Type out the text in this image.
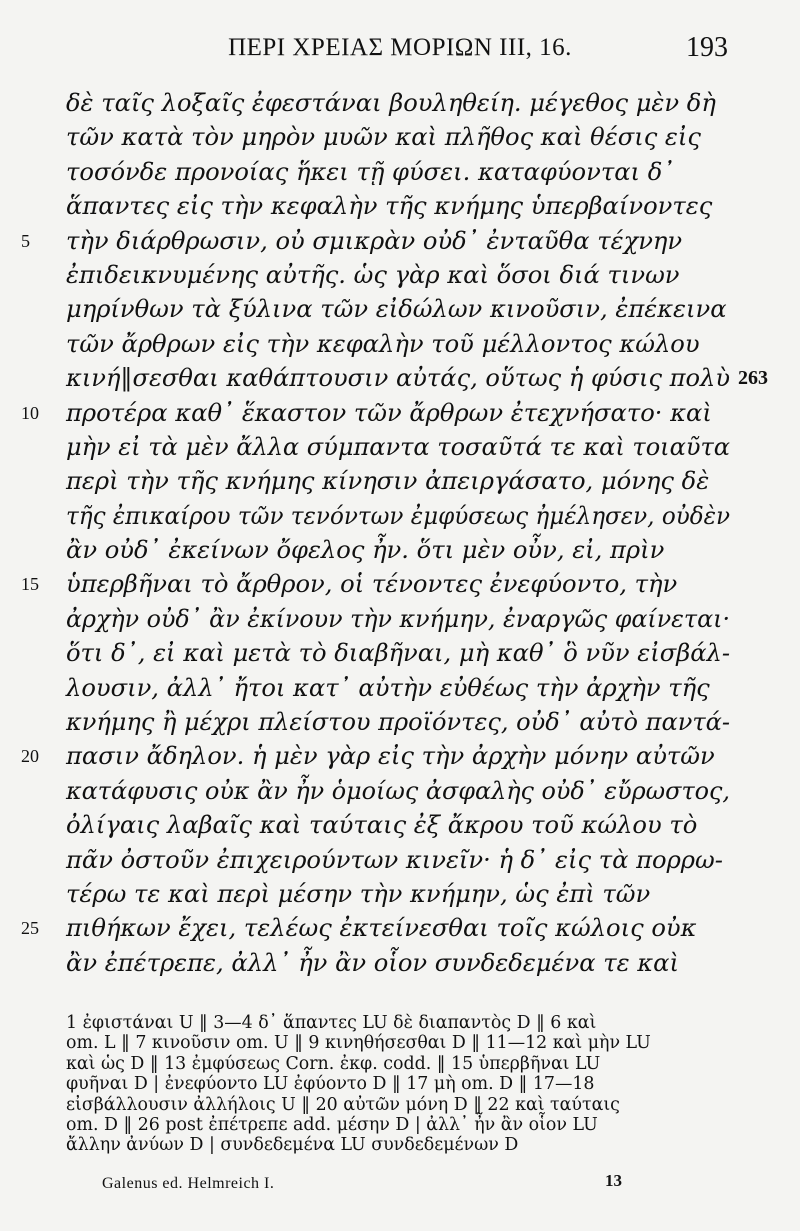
ΠΕΡΙ ΧΡΕΙΑΣ ΜΟΡΙΩΝ III, 16.	193
δὲ ταῖς λοξαῖς ἐφεστάναι βουληθείη. μέγεθος μὲν δὴ
τῶν κατὰ τὸν μηρὸν μυῶν καὶ πλῆθος καὶ θέσις εἰς
τοσόνδε προνοίας ἥκει τῇ φύσει. καταφύονται δ᾽
ἅπαντες εἰς τὴν κεφαλὴν τῆς κνήμης ὑπερβαίνοντες
5	τὴν διάρθρωσιν, οὐ σμικρὰν οὐδ᾽ ἐνταῦθα τέχνην
ἐπιδεικνυμένης αὐτῆς. ὡς γὰρ καὶ ὅσοι διά τινων
μηρίνθων τὰ ξύλινα τῶν εἰδώλων κινοῦσιν, ἐπέκεινα
τῶν ἄρθρων εἰς τὴν κεφαλὴν τοῦ μέλλοντος κώλου
κινή‖σεσθαι καθάπτουσιν αὐτάς, οὕτως ἡ φύσις πολὺ 263
10	προτέρα καθ᾽ ἕκαστον τῶν ἄρθρων ἐτεχνήσατο· καὶ
μὴν εἰ τὰ μὲν ἄλλα σύμπαντα τοσαῦτά τε καὶ τοιαῦτα
περὶ τὴν τῆς κνήμης κίνησιν ἀπειργάσατο, μόνης δὲ
τῆς ἐπικαίρου τῶν τενόντων ἐμφύσεως ἠμέλησεν, οὐδὲν
ἂν οὐδ᾽ ἐκείνων ὄφελος ἦν. ὅτι μὲν οὖν, εἰ, πρὶν
15	ὑπερβῆναι τὸ ἄρθρον, οἱ τένοντες ἐνεφύοντο, τὴν
ἀρχὴν οὐδ᾽ ἂν ἐκίνουν τὴν κνήμην, ἐναργῶς φαίνεται·
ὅτι δ᾽, εἰ καὶ μετὰ τὸ διαβῆναι, μὴ καθ᾽ ὃ νῦν εἰσβάλ-
λουσιν, ἀλλ᾽ ἤτοι κατ᾽ αὐτὴν εὐθέως τὴν ἀρχὴν τῆς
κνήμης ἢ μέχρι πλείστου προϊόντες, οὐδ᾽ αὐτὸ παντά-
20	πασιν ἄδηλον. ἡ μὲν γὰρ εἰς τὴν ἀρχὴν μόνην αὐτῶν
κατάφυσις οὐκ ἂν ἦν ὁμοίως ἀσφαλὴς οὐδ᾽ εὔρωστος,
ὀλίγαις λαβαῖς καὶ ταύταις ἐξ ἄκρου τοῦ κώλου τὸ
πᾶν ὀστοῦν ἐπιχειρούντων κινεῖν· ἡ δ᾽ εἰς τὰ πορρω-
τέρω τε καὶ περὶ μέσην τὴν κνήμην, ὡς ἐπὶ τῶν
25	πιθήκων ἔχει, τελέως ἐκτείνεσθαι τοῖς κώλοις οὐκ
ἂν ἐπέτρεπε, ἀλλ᾽ ἦν ἂν οἷον συνδεδεμένα τε καὶ
1 ἐφιστάναι U ‖ 3—4 δ᾽ ἅπαντες LU δὲ διαπαντὸς D ‖ 6 καὶ
om. L ‖ 7 κινοῦσιν om. U ‖ 9 κινηθήσεσθαι D ‖ 11—12 καὶ μὴν LU
καὶ ὡς D ‖ 13 ἐμφύσεως Corn. ἐκφ. codd. ‖ 15 ὑπερβῆναι LU
φυῆναι D | ἐνεφύοντο LU ἐφύοντο D ‖ 17 μὴ om. D ‖ 17—18
εἰσβάλλουσιν ἀλλήλοις U ‖ 20 αὐτῶν μόνη D ‖ 22 καὶ ταύταις
om. D ‖ 26 post ἐπέτρεπε add. μέσην D | ἀλλ᾽ ἦν ἂν οἷον LU
ἄλλην ἀνύων D | συνδεδεμένα LU συνδεδεμένων D
Galenus ed. Helmreich I.	13
